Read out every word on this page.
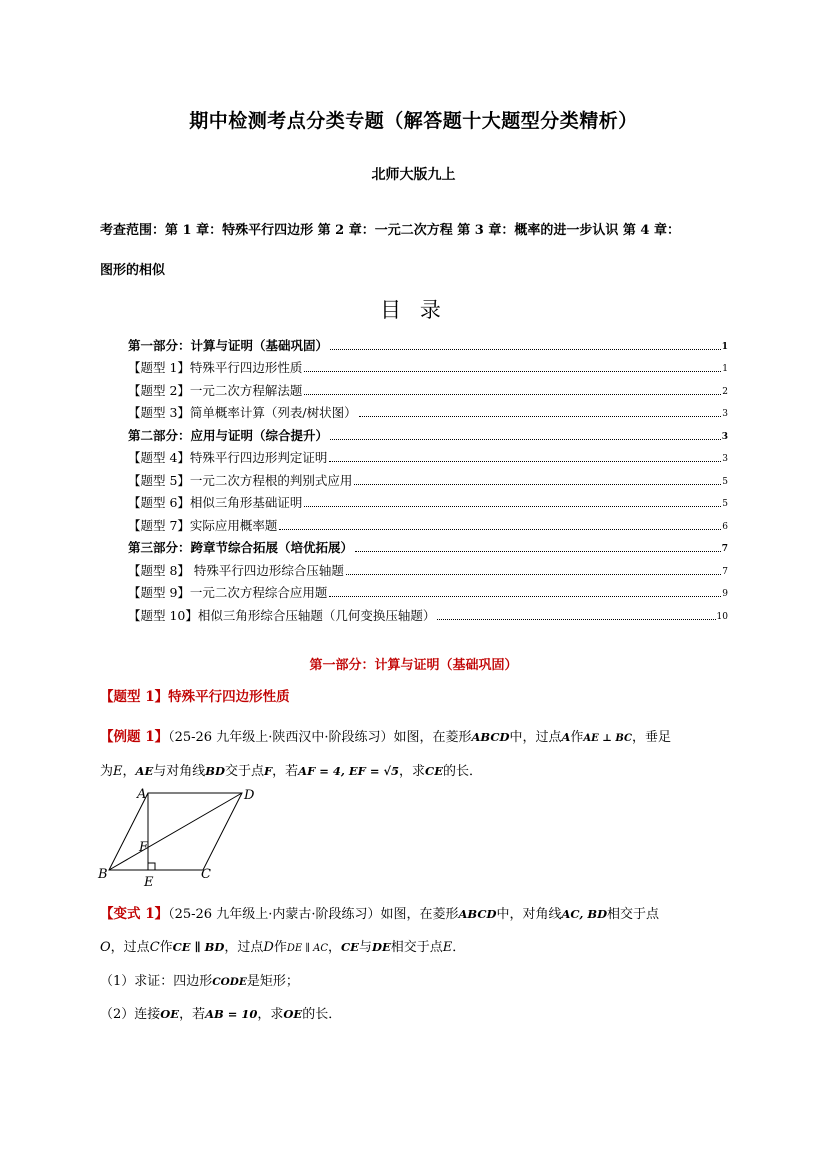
期中检测考点分类专题（解答题十大题型分类精析）
北师大版九上
考查范围：第 1 章：特殊平行四边形 第 2 章：一元二次方程 第 3 章：概率的进一步认识 第 4 章：
图形的相似
目 录
第一部分：计算与证明（基础巩固）	1
【题型 1】特殊平行四边形性质	1
【题型 2】一元二次方程解法题	2
【题型 3】简单概率计算（列表/树状图）	3
第二部分：应用与证明（综合提升）	3
【题型 4】特殊平行四边形判定证明	3
【题型 5】一元二次方程根的判别式应用	5
【题型 6】相似三角形基础证明	5
【题型 7】实际应用概率题	6
第三部分：跨章节综合拓展（培优拓展）	7
【题型 8】 特殊平行四边形综合压轴题	7
【题型 9】一元二次方程综合应用题	9
【题型 10】相似三角形综合压轴题（几何变换压轴题）	10
第一部分：计算与证明（基础巩固）
【题型 1】特殊平行四边形性质
【例题 1】（25-26 九年级上·陕西汉中·阶段练习）如图，在菱形ABCD中，过点A作AE ⊥ BC，垂足
为E，AE与对角线BD交于点F，若AF = 4, EF = √5，求CE的长．
A	D
B	C
E
F
【变式 1】（25-26 九年级上·内蒙古·阶段练习）如图，在菱形ABCD中，对角线AC, BD相交于点
O，过点C作CE ∥ BD，过点D作DE ∥ AC，CE与DE相交于点E．
（1）求证：四边形CODE是矩形；
（2）连接OE，若AB = 10，求OE的长．
